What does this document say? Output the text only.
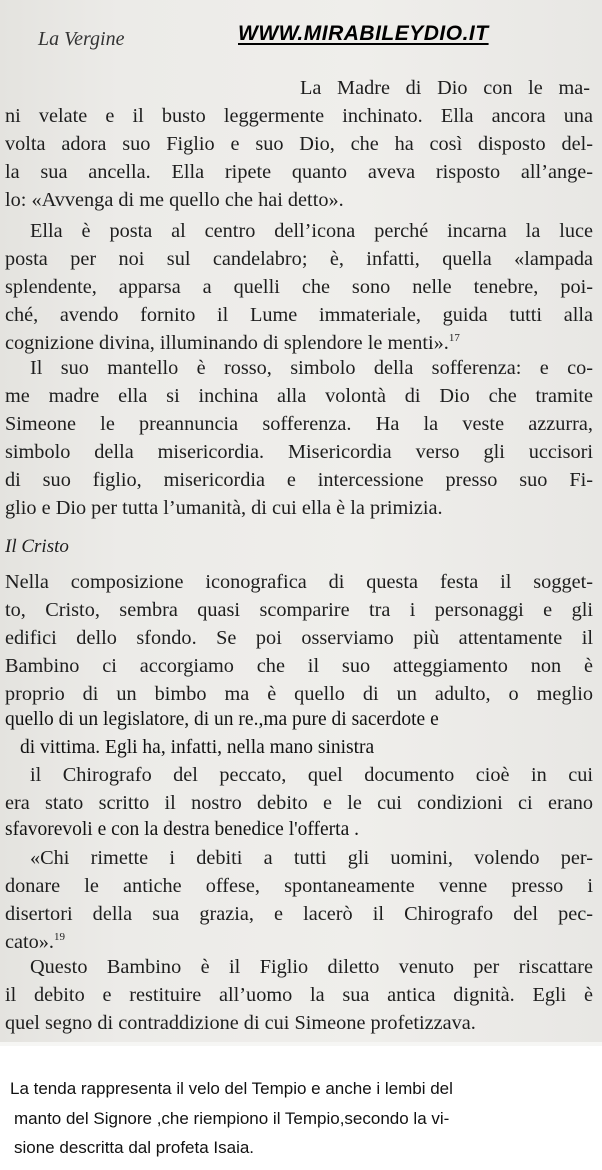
La Vergine	WWW.MIRABILEYDIO.IT
La Madre di Dio con le ma-
ni velate e il busto leggermente inchinato. Ella ancora una
volta adora suo Figlio e suo Dio, che ha così disposto del-
la sua ancella. Ella ripete quanto aveva risposto all’ange-
lo: «Avvenga di me quello che hai detto».
Ella è posta al centro dell’icona perché incarna la luce
posta per noi sul candelabro; è, infatti, quella «lampada
splendente, apparsa a quelli che sono nelle tenebre, poi-
ché, avendo fornito il Lume immateriale, guida tutti alla
cognizione divina, illuminando di splendore le menti».$^{17}$
Il suo mantello è rosso, simbolo della sofferenza: e co-
me madre ella si inchina alla volontà di Dio che tramite
Simeone le preannuncia sofferenza. Ha la veste azzurra,
simbolo della misericordia. Misericordia verso gli uccisori
di suo figlio, misericordia e intercessione presso suo Fi-
glio e Dio per tutta l’umanità, di cui ella è la primizia.
Il Cristo
Nella composizione iconografica di questa festa il sogget-
to, Cristo, sembra quasi scomparire tra i personaggi e gli
edifici dello sfondo. Se poi osserviamo più attentamente il
Bambino ci accorgiamo che il suo atteggiamento non è
proprio di un bimbo ma è quello di un adulto, o meglio
quello di un legislatore, di un re.,ma pure di sacerdote e
di vittima. Egli ha, infatti, nella mano sinistra
il Chirografo del peccato, quel documento cioè in cui
era stato scritto il nostro debito e le cui condizioni ci erano
sfavorevoli e con la destra benedice l'offerta .
«Chi rimette i debiti a tutti gli uomini, volendo per-
donare le antiche offese, spontaneamente venne presso i
disertori della sua grazia, e lacerò il Chirografo del pec-
cato».$^{19}$
Questo Bambino è il Figlio diletto venuto per riscattare
il debito e restituire all’uomo la sua antica dignità. Egli è
quel segno di contraddizione di cui Simeone profetizzava.
La tenda rappresenta il velo del Tempio e anche i lembi del
manto del Signore ,che riempiono il Tempio,secondo la vi-
sione descritta dal profeta Isaia.
